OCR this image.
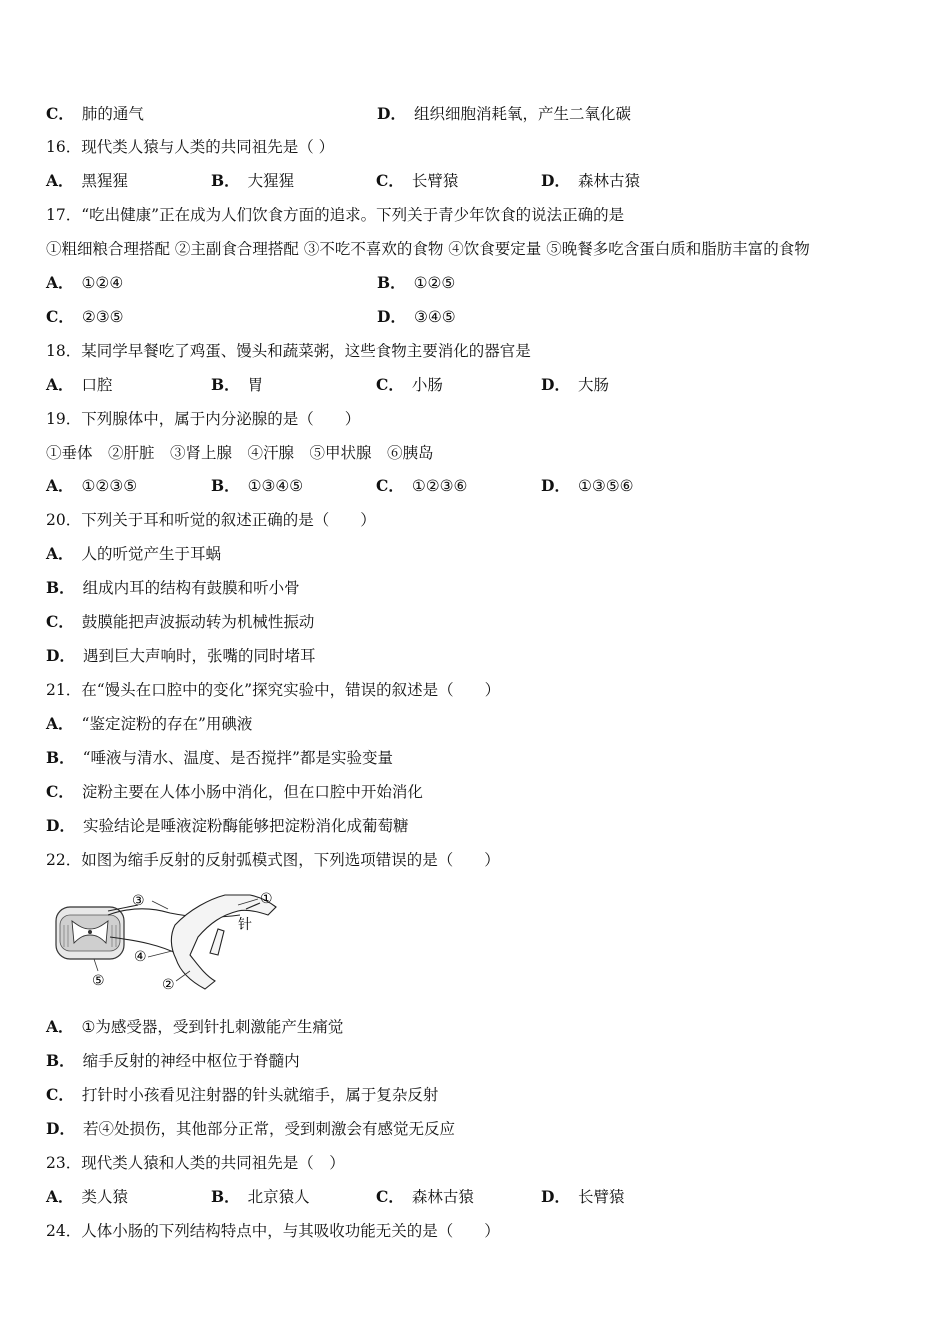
C． 肺的通气	D． 组织细胞消耗氧，产生二氧化碳
16．现代类人猿与人类的共同祖先是（ ）
A． 黑猩猩	B． 大猩猩	C． 长臂猿	D． 森林古猿
17．“吃出健康”正在成为人们饮食方面的追求。下列关于青少年饮食的说法正确的是
①粗细粮合理搭配 ②主副食合理搭配 ③不吃不喜欢的食物 ④饮食要定量 ⑤晚餐多吃含蛋白质和脂肪丰富的食物
A． ①②④	B． ①②⑤
C． ②③⑤	D． ③④⑤
18．某同学早餐吃了鸡蛋、馒头和蔬菜粥，这些食物主要消化的器官是
A． 口腔	B． 胃	C． 小肠	D． 大肠
19．下列腺体中，属于内分泌腺的是（　　）
①垂体　②肝脏　③肾上腺　④汗腺　⑤甲状腺　⑥胰岛
A． ①②③⑤	B． ①③④⑤	C． ①②③⑥	D． ①③⑤⑥
20．下列关于耳和听觉的叙述正确的是（　　）
A． 人的听觉产生于耳蜗
B． 组成内耳的结构有鼓膜和听小骨
C． 鼓膜能把声波振动转为机械性振动
D． 遇到巨大声响时，张嘴的同时堵耳
21．在“馒头在口腔中的变化”探究实验中，错误的叙述是（　　）
A． “鉴定淀粉的存在”用碘液
B． “唾液与清水、温度、是否搅拌”都是实验变量
C． 淀粉主要在人体小肠中消化，但在口腔中开始消化
D． 实验结论是唾液淀粉酶能够把淀粉消化成葡萄糖
22．如图为缩手反射的反射弧模式图，下列选项错误的是（　　）
A． ①为感受器，受到针扎刺激能产生痛觉
B． 缩手反射的神经中枢位于脊髓内
C． 打针时小孩看见注射器的针头就缩手，属于复杂反射
D． 若④处损伤，其他部分正常，受到刺激会有感觉无反应
23．现代类人猿和人类的共同祖先是（　）
A． 类人猿	B． 北京猿人	C． 森林古猿	D． 长臂猿
24．人体小肠的下列结构特点中，与其吸收功能无关的是（　　）
③	①
针
④
⑤	②
